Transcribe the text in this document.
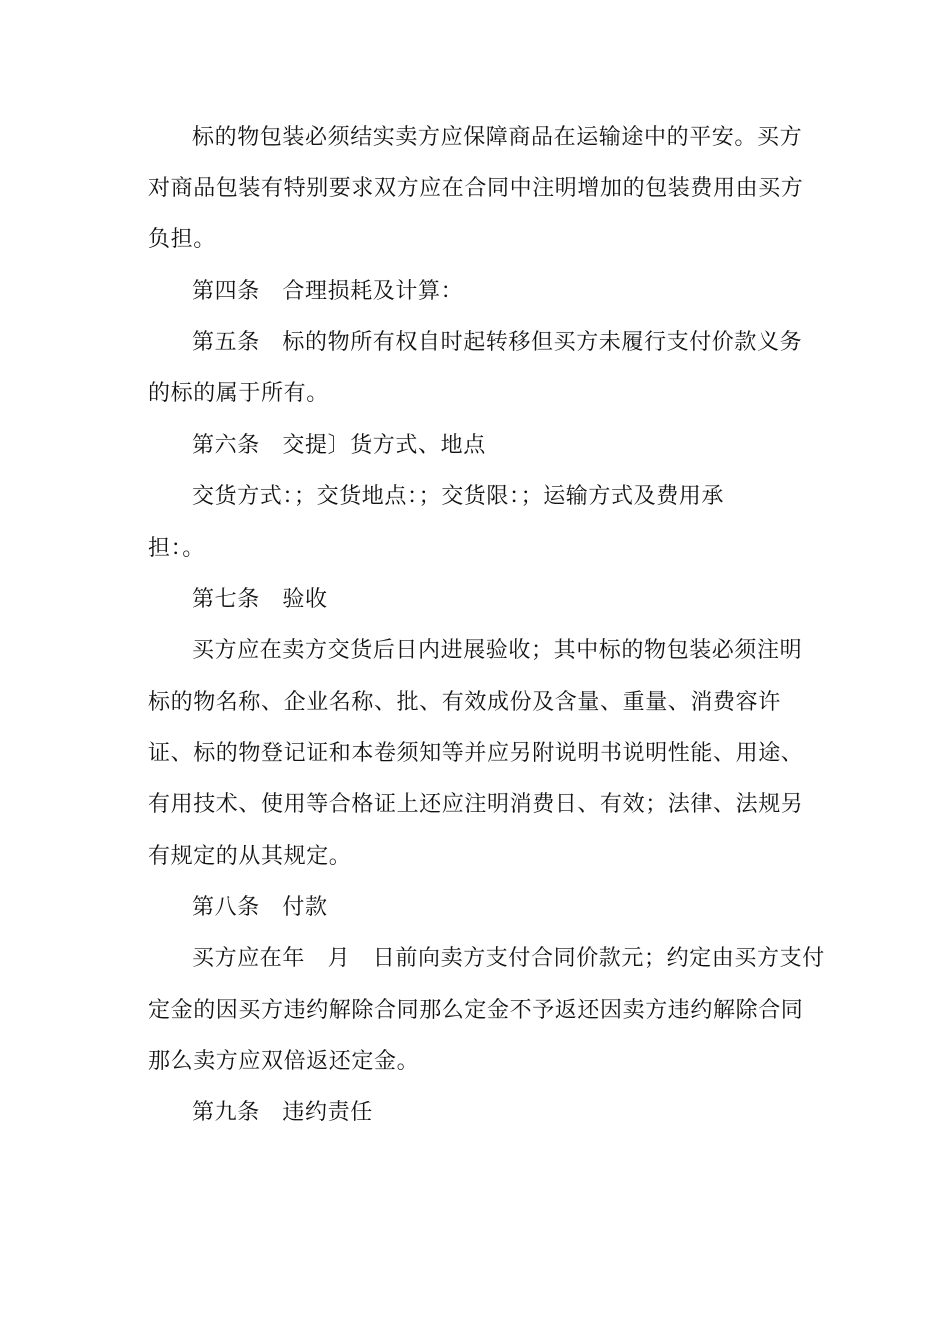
标的物包装必须结实卖方应保障商品在运输途中的平安。买方
对商品包装有特别要求双方应在合同中注明增加的包装费用由买方
负担。
第四条　合理损耗及计算：
第五条　标的物所有权自时起转移但买方未履行支付价款义务
的标的属于所有。
第六条　交提〕货方式、地点
交货方式：；交货地点：；交货限：；运输方式及费用承
担：。
第七条　验收
买方应在卖方交货后日内进展验收；其中标的物包装必须注明
标的物名称、企业名称、批、有效成份及含量、重量、消费容许
证、标的物登记证和本卷须知等并应另附说明书说明性能、用途、
有用技术、使用等合格证上还应注明消费日、有效；法律、法规另
有规定的从其规定。
第八条　付款
买方应在年　月　日前向卖方支付合同价款元；约定由买方支付
定金的因买方违约解除合同那么定金不予返还因卖方违约解除合同
那么卖方应双倍返还定金。
第九条　违约责任
